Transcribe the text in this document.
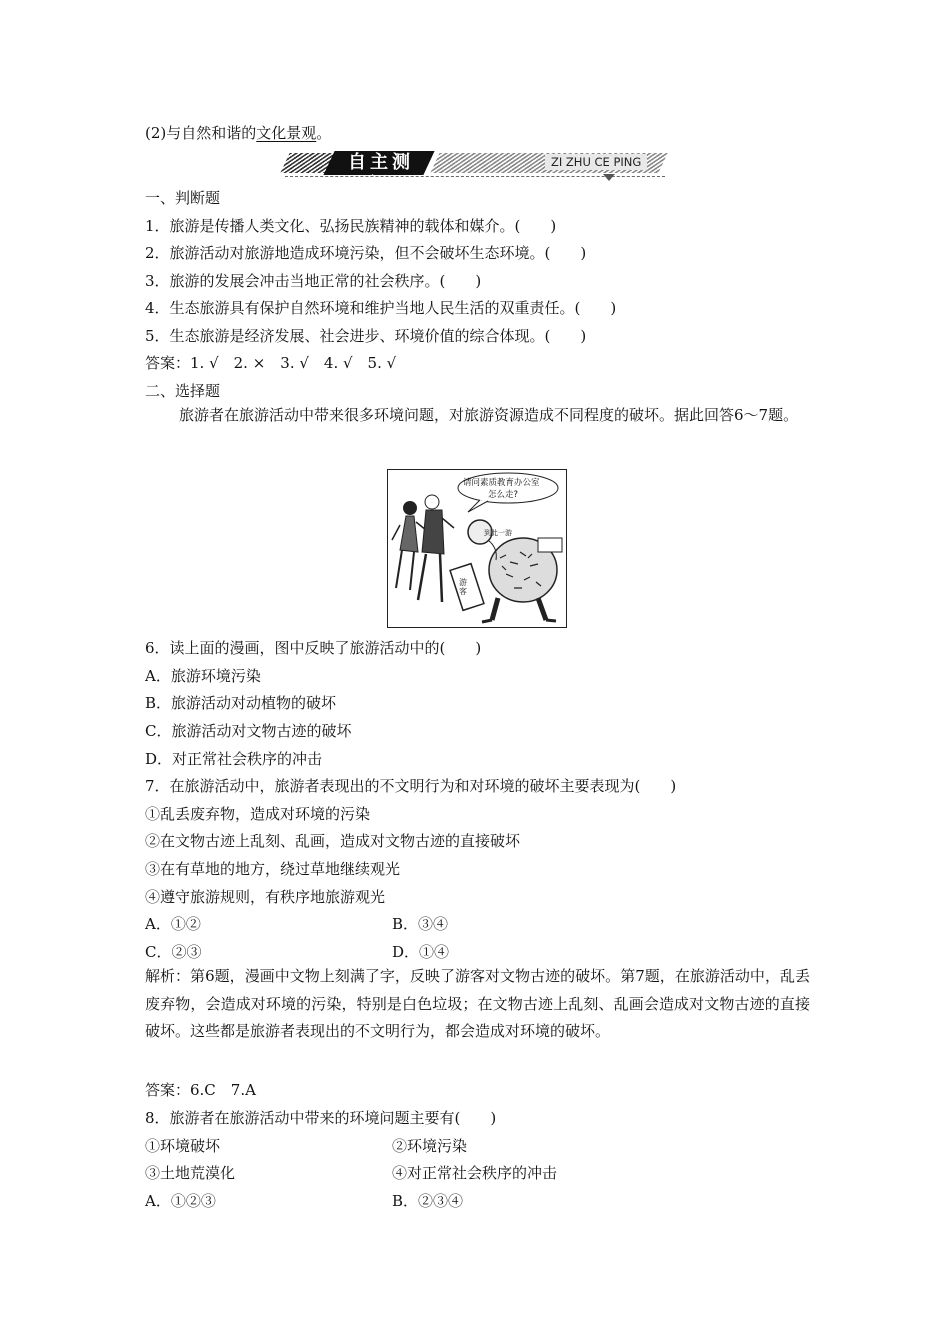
(2)与自然和谐的文化景观。
自主测评
ZI ZHU CE PING
一、判断题
1．旅游是传播人类文化、弘扬民族精神的载体和媒介。(　　)
2．旅游活动对旅游地造成环境污染，但不会破坏生态环境。(　　)
3．旅游的发展会冲击当地正常的社会秩序。(　　)
4．生态旅游具有保护自然环境和维护当地人民生活的双重责任。(　　)
5．生态旅游是经济发展、社会进步、环境价值的综合体现。(　　)
答案：1. √　2. ×　3. √　4. √　5. √
二、选择题
旅游者在旅游活动中带来很多环境问题，对旅游资源造成不同程度的破坏。据此回答6～7题。
请问素质教育办公室
怎么走?
到此一游
游客
6．读上面的漫画，图中反映了旅游活动中的(　　)
A．旅游环境污染
B．旅游活动对动植物的破坏
C．旅游活动对文物古迹的破坏
D．对正常社会秩序的冲击
7．在旅游活动中，旅游者表现出的不文明行为和对环境的破坏主要表现为(　　)
①乱丢废弃物，造成对环境的污染
②在文物古迹上乱刻、乱画，造成对文物古迹的直接破坏
③在有草地的地方，绕过草地继续观光
④遵守旅游规则，有秩序地旅游观光
A．①②	B．③④
C．②③	D．①④
解析：第6题，漫画中文物上刻满了字，反映了游客对文物古迹的破坏。第7题，在旅游活动中，乱丢废弃物，会造成对环境的污染，特别是白色垃圾；在文物古迹上乱刻、乱画会造成对文物古迹的直接破坏。这些都是旅游者表现出的不文明行为，都会造成对环境的破坏。
答案：6.C　7.A
8．旅游者在旅游活动中带来的环境问题主要有(　　)
①环境破坏	②环境污染
③土地荒漠化	④对正常社会秩序的冲击
A．①②③	B．②③④
